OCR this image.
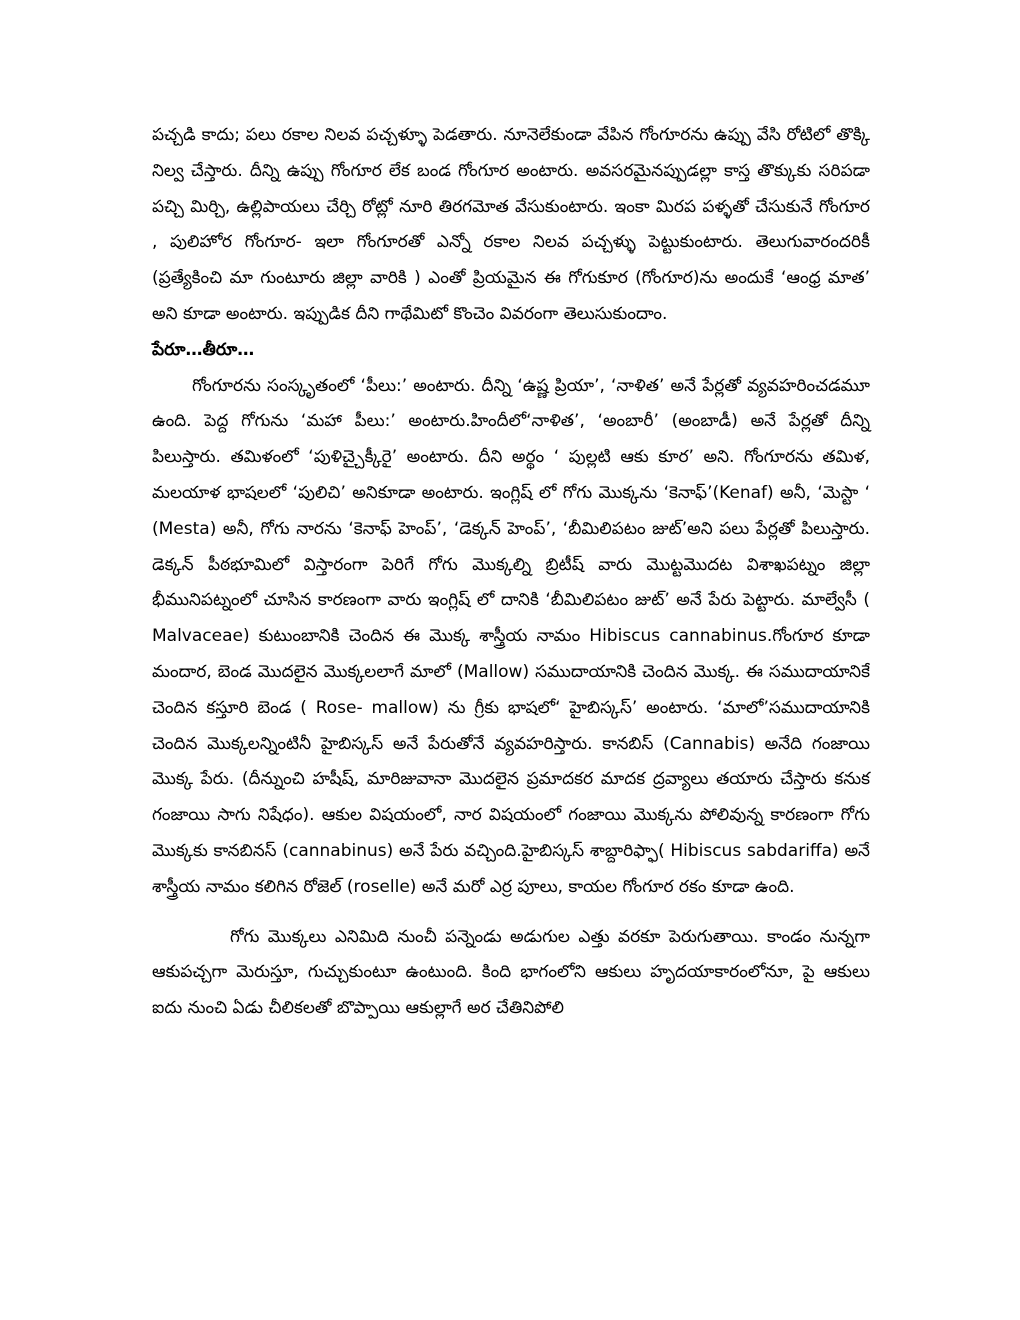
పచ్చడి కాదు; పలు రకాల నిలవ పచ్చళ్ళూ పెడతారు. నూనెలేకుండా వేపిన గోంగూరను ఉప్పు వేసి రోటిలో తొక్కి నిల్వ చేస్తారు. దీన్ని ఉప్పు గోంగూర లేక బండ గోంగూర అంటారు. అవసరమైనప్పుడల్లా కాస్త తొక్కుకు సరిపడా పచ్చి మిర్చి, ఉల్లిపాయలు చేర్చి రోట్లో నూరి తిరగమోత వేసుకుంటారు. ఇంకా మిరప పళ్ళతో చేసుకునే గోంగూర , పులిహోర గోంగూర- ఇలా గోంగూరతో ఎన్నో రకాల నిలవ పచ్చళ్ళు పెట్టుకుంటారు. తెలుగువారందరికీ (ప్రత్యేకించి మా గుంటూరు జిల్లా వారికి ) ఎంతో ప్రియమైన ఈ గోగుకూర (గోంగూర)ను అందుకే ‘ఆంధ్ర మాత’ అని కూడా అంటారు. ఇప్పుడిక దీని గాథేమిటో కొంచెం వివరంగా తెలుసుకుందాం.

పేరూ…తీరూ…

గోంగూరను సంస్కృతంలో ‘పీలు:’ అంటారు. దీన్ని ‘ఉష్ణ ప్రియా’, ‘నాళిత’ అనే పేర్లతో వ్యవహరించడమూ ఉంది. పెద్ద గోగును ‘మహా పీలు:’ అంటారు.హిందీలో‘నాళిత’, ‘అంబారీ’ (అంబాడీ) అనే పేర్లతో దీన్ని పిలుస్తారు. తమిళంలో ‘పుళిచ్చైక్కీరై’ అంటారు. దీని అర్థం ‘ పుల్లటి ఆకు కూర’ అని. గోంగూరను తమిళ, మలయాళ భాషలలో ‘పులిచి’ అనికూడా అంటారు. ఇంగ్లిష్ లో గోగు మొక్కను ‘కెనాఫ్’(Kenaf) అనీ, ‘మెస్టా ‘ (Mesta) అనీ, గోగు నారను ‘కెనాఫ్ హెంప్’, ‘డెక్కన్ హెంప్’, ‘బీమిలిపటం జుట్’అని పలు పేర్లతో పిలుస్తారు. డెక్కన్ పీఠభూమిలో విస్తారంగా పెరిగే గోగు మొక్కల్ని బ్రిటీష్ వారు మొట్టమొదట విశాఖపట్నం జిల్లా భీమునిపట్నంలో చూసిన కారణంగా వారు ఇంగ్లిష్ లో దానికి ‘బీమిలిపటం జుట్’ అనే పేరు పెట్టారు. మాల్వేసీ ( Malvaceae) కుటుంబానికి చెందిన ఈ మొక్క శాస్త్రీయ నామం Hibiscus cannabinus.గోంగూర కూడా మందార, బెండ మొదలైన మొక్కలలాగే మాలో (Mallow) సముదాయానికి చెందిన మొక్క. ఈ సముదాయానికే చెందిన కస్తూరి బెండ ( Rose- mallow) ను గ్రీకు భాషలో‘ హైబిస్కస్’ అంటారు. ‘మాలో’సముదాయానికి చెందిన మొక్కలన్నింటినీ హైబిస్కస్ అనే పేరుతోనే వ్యవహరిస్తారు. కానబిస్ (Cannabis) అనేది గంజాయి మొక్క పేరు. (దీన్నుంచి హషీష్, మారిజువానా మొదలైన ప్రమాదకర మాదక ద్రవ్యాలు తయారు చేస్తారు కనుక గంజాయి సాగు నిషేధం). ఆకుల విషయంలో, నార విషయంలో గంజాయి మొక్కను పోలివున్న కారణంగా గోగు మొక్కకు కానబినస్ (cannabinus) అనే పేరు వచ్చింది.హైబిస్కస్ శాబ్దారిఫ్ఫా( Hibiscus sabdariffa) అనే శాస్త్రీయ నామం కలిగిన రోజెల్ (roselle) అనే మరో ఎర్ర పూలు, కాయల గోంగూర రకం కూడా ఉంది.

గోగు మొక్కలు ఎనిమిది నుంచీ పన్నెండు అడుగుల ఎత్తు వరకూ పెరుగుతాయి. కాండం నున్నగా ఆకుపచ్చగా మెరుస్తూ, గుచ్చుకుంటూ ఉంటుంది. కింది భాగంలోని ఆకులు హృదయాకారంలోనూ, పై ఆకులు ఐదు నుంచి ఏడు చీలికలతో బొప్పాయి ఆకుల్లాగే అర చేతినిపోలి
